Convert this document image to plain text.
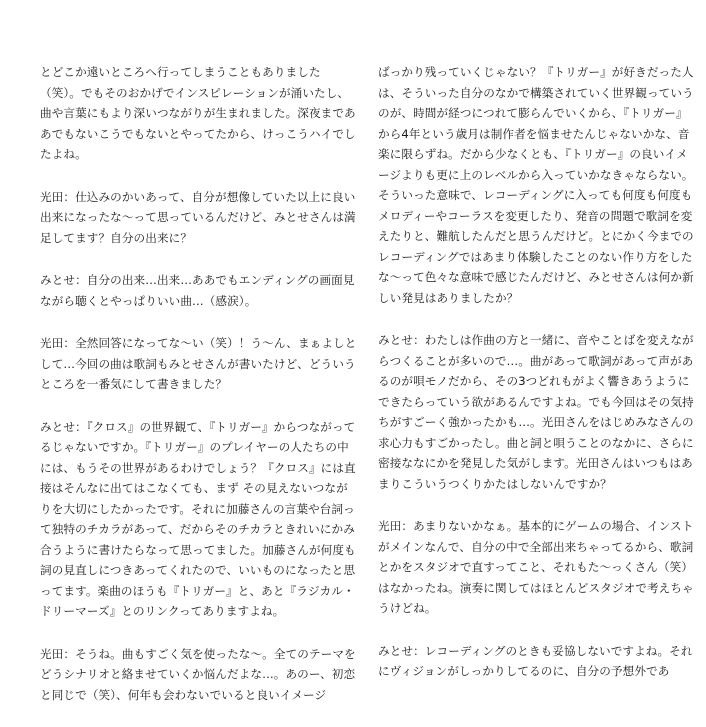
とどこか遠いところへ行ってしまうこともありました（笑）。でもそのおかげでインスピレーションが涌いたし、曲や言葉にもより深いつながりが生まれました。深夜までああでもないこうでもないとやってたから、けっこうハイでしたよね。

光田：仕込みのかいあって、自分が想像していた以上に良い出来になったな〜って思っているんだけど、みとせさんは満足してます？自分の出来に？

みとせ：自分の出来…出来…ああでもエンディングの画面見ながら聴くとやっぱりいい曲…（感涙）。

光田：全然回答になってな〜い（笑）！う〜ん、まぁよしとして…今回の曲は歌詞もみとせさんが書いたけど、どういうところを一番気にして書きました？

みとせ：『クロス』の世界観て、『トリガー』からつながってるじゃないですか。『トリガー』のプレイヤーの人たちの中には、もうその世界があるわけでしょう？『クロス』には直接はそんなに出てはこなくても、まず その見えないつながりを大切にしたかったです。それに加藤さんの言葉や台詞って独特のチカラがあって、だからそのチカラときれいにかみ合うように書けたらなって思ってました。加藤さんが何度も詞の見直しにつきあってくれたので、いいものになったと思ってます。楽曲のほうも『トリガー』と、あと『ラジカル・ドリーマーズ』とのリンクってありますよね。

光田：そうね。曲もすごく気を使ったな〜。全てのテーマをどうシナリオと絡ませていくか悩んだよな…。あのー、初恋と同じで（笑）、何年も会わないでいると良いイメージ

ばっかり残っていくじゃない？『トリガー』が好きだった人は、そういった自分のなかで構築されていく世界観っていうのが、時間が経つにつれて膨らんでいくから、『トリガー』から4年という歳月は制作者を悩ませたんじゃないかな、音楽に限らずね。だから少なくとも、『トリガー』の良いイメージよりも更に上のレベルから入っていかなきゃならない。そういった意味で、レコーディングに入っても何度も何度もメロディーやコーラスを変更したり、発音の問題で歌詞を変えたりと、難航したんだと思うんだけど。とにかく今までのレコーディングではあまり体験したことのない作り方をしたな〜って色々な意味で感じたんだけど、みとせさんは何か新しい発見はありましたか？

みとせ：わたしは作曲の方と一緒に、音やことばを変えながらつくることが多いので…。曲があって歌詞があって声があるのが唄モノだから、その3つどれもがよく響きあうようにできたらっていう欲があるんですよね。でも今回はその気持ちがすごーく強かったかも…。光田さんをはじめみなさんの求心力もすごかったし。曲と詞と唄うことのなかに、さらに密接ななにかを発見した気がします。光田さんはいつもはあまりこういうつくりかたはしないんですか？

光田：あまりないかなぁ。基本的にゲームの場合、インストがメインなんで、自分の中で全部出来ちゃってるから、歌詞とかをスタジオで直すってこと、それもた〜っくさん（笑）はなかったね。演奏に関してはほとんどスタジオで考えちゃうけどね。

みとせ：レコーディングのときも妥協しないですよね。それにヴィジョンがしっかりしてるのに、自分の予想外であ
